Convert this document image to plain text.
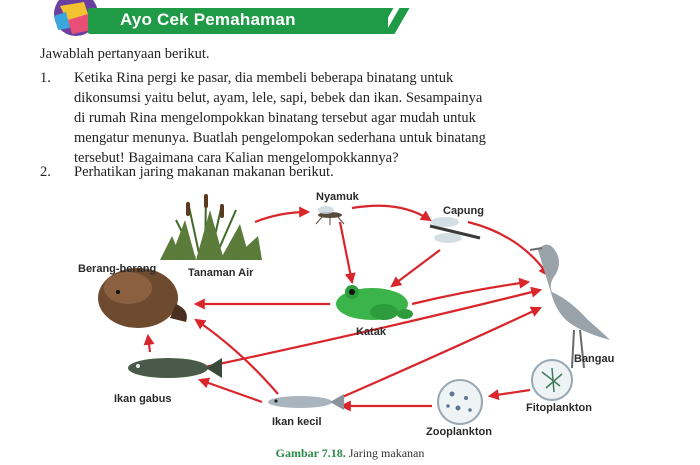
Ayo Cek Pemahaman
Jawablah pertanyaan berikut.
1. Ketika Rina pergi ke pasar, dia membeli beberapa binatang untuk
dikonsumsi yaitu belut, ayam, lele, sapi, bebek dan ikan. Sesampainya
di rumah Rina mengelompokkan binatang tersebut agar mudah untuk
mengatur menunya. Buatlah pengelompokan sederhana untuk binatang
tersebut! Bagaimana cara Kalian mengelompokkannya?
2. Perhatikan jaring makanan makanan berikut.
Tanaman Air
Nyamuk
Capung
Berang-berang
Katak
Bangau
Ikan gabus
Ikan kecil
Zooplankton
Fitoplankton
Gambar 7.18. Jaring makanan
